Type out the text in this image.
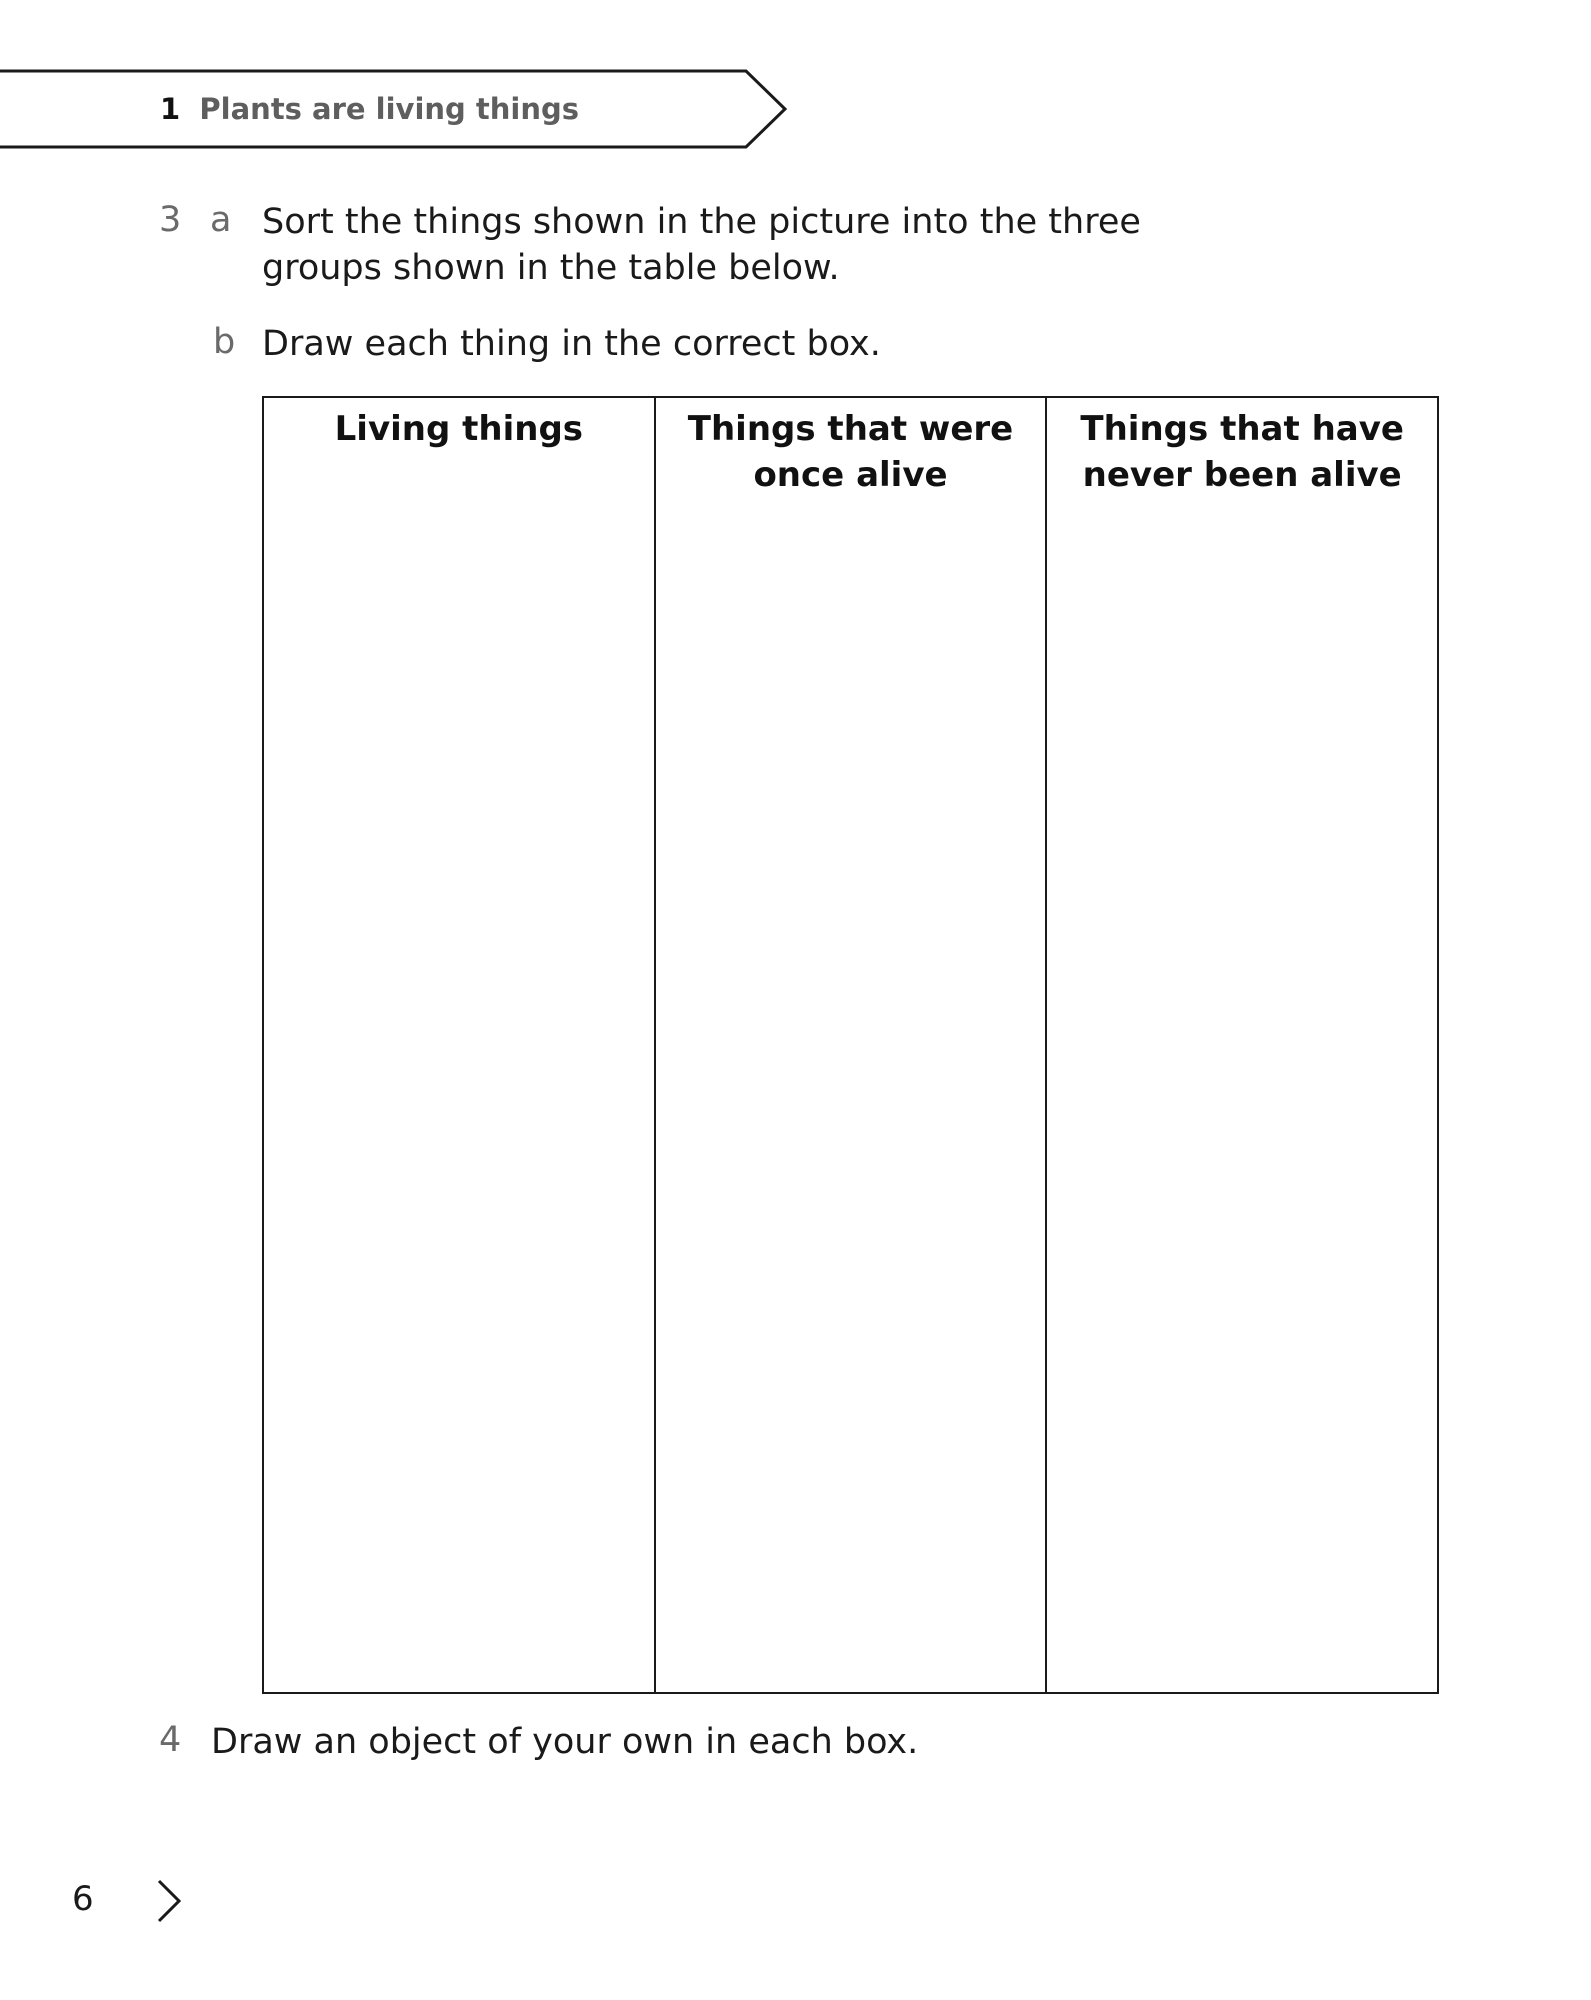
1 Plants are living things
3 a Sort the things shown in the picture into the three groups shown in the table below.
b Draw each thing in the correct box.
Living things	Things that were once alive
Things that have never been alive
4 Draw an object of your own in each box.
6
